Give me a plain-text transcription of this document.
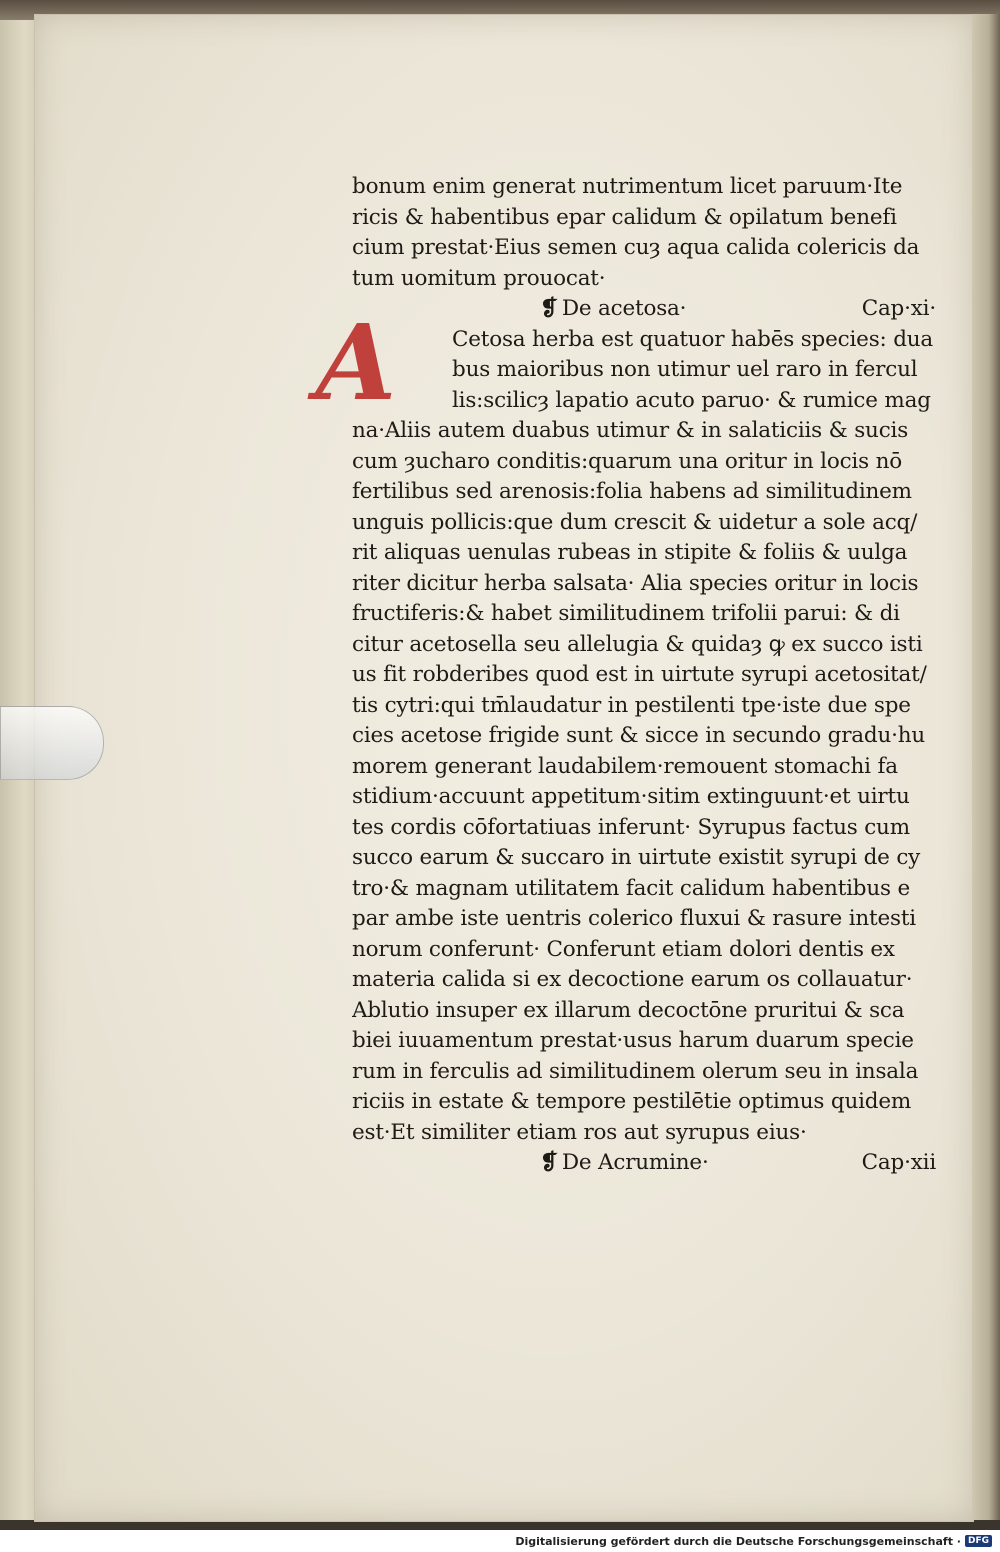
A
bonum enim generat nutrimentum licet paruum·Ite
ricis & habentibus epar calidum & opilatum benefi
cium prestat·Eius semen cuȝ aqua calida colericis da
tum uomitum prouocat·
❡ De acetosa·	Cap·xi·
Cetosa herba est quatuor habēs species: dua
bus maioribus non utimur uel raro in fercul
lis:scilicȝ lapatio acuto paruo· & rumice mag
na·Aliis autem duabus utimur & in salaticiis & sucis
cum ȝucharo conditis:quarum una oritur in locis nō
fertilibus sed arenosis:folia habens ad similitudinem
unguis pollicis:que dum crescit & uidetur a sole acq/
rit aliquas uenulas rubeas in stipite & foliis & uulga
riter dicitur herba salsata· Alia species oritur in locis
fructiferis:& habet similitudinem trifolii parui: & di
citur acetosella seu allelugia & quidaȝ ꝙ ex succo isti
us fit robderibes quod est in uirtute syrupi acetositat/
tis cytri:qui tm̄laudatur in pestilenti tpe·iste due spe
cies acetose frigide sunt & sicce in secundo gradu·hu
morem generant laudabilem·remouent stomachi fa
stidium·accuunt appetitum·sitim extinguunt·et uirtu
tes cordis cōfortatiuas inferunt· Syrupus factus cum
succo earum & succaro in uirtute existit syrupi de cy
tro·& magnam utilitatem facit calidum habentibus e
par ambe iste uentris colerico fluxui & rasure intesti
norum conferunt· Conferunt etiam dolori dentis ex
materia calida si ex decoctione earum os collauatur·
Ablutio insuper ex illarum decoctōne pruritui & sca
biei iuuamentum prestat·usus harum duarum specie
rum in ferculis ad similitudinem olerum seu in insala
riciis in estate & tempore pestilētie optimus quidem
est·Et similiter etiam ros aut syrupus eius·
❡ De Acrumine·	Cap·xii
Digitalisierung gefördert durch die Deutsche Forschungsgemeinschaft · DFG
